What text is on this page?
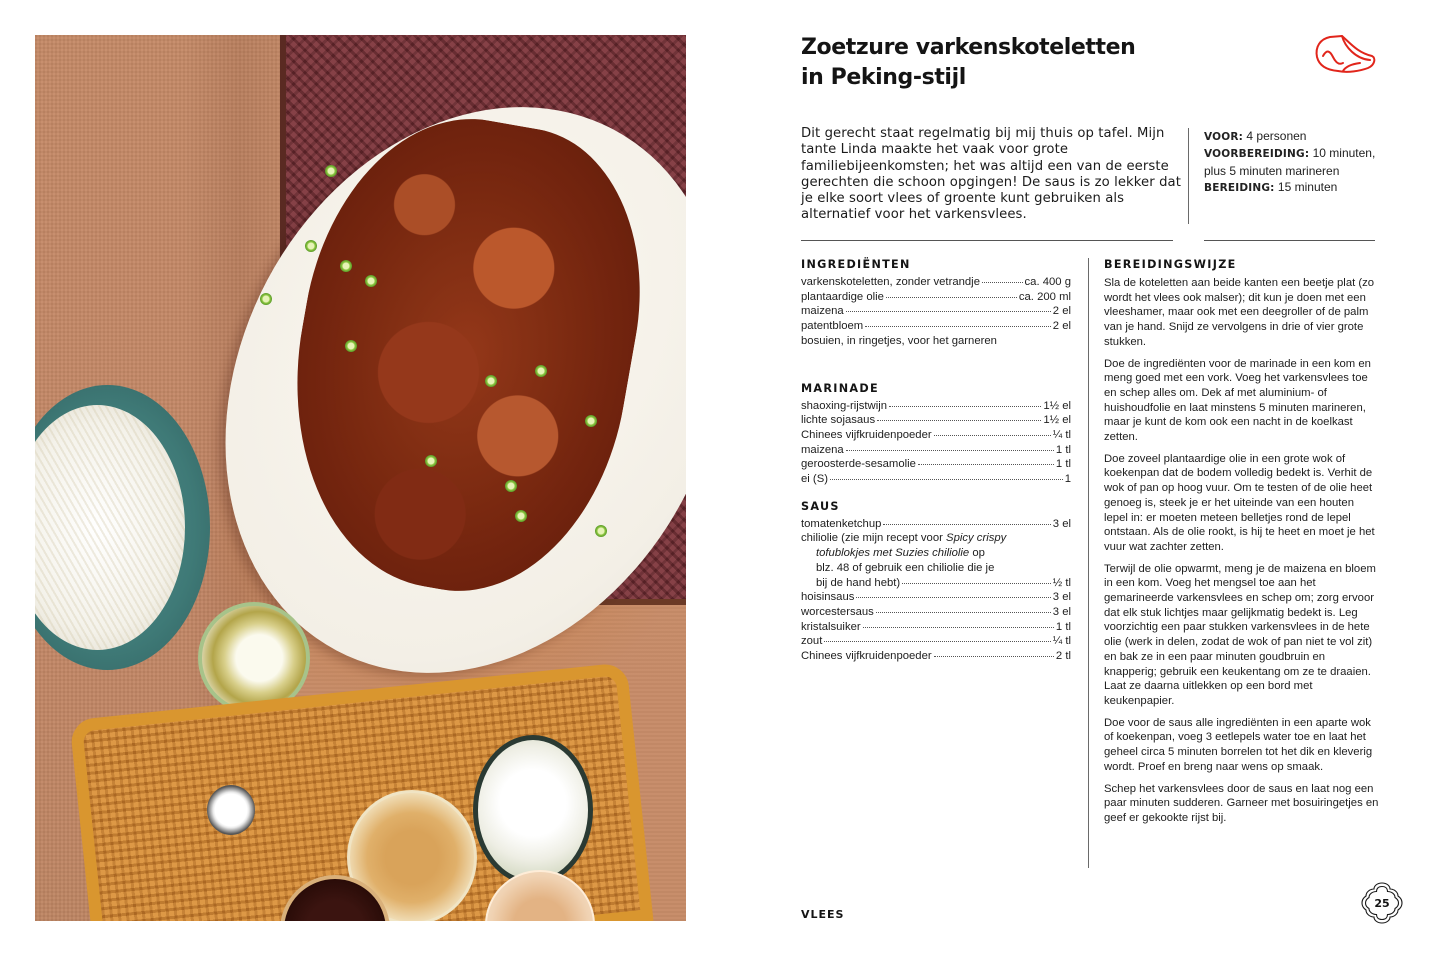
Zoetzure varkenskoteletten
in Peking-stijl

Dit gerecht staat regelmatig bij mij thuis op tafel. Mijn tante Linda maakte het vaak voor grote familiebijeenkomsten; het was altijd een van de eerste gerechten die schoon opgingen! De saus is zo lekker dat je elke soort vlees of groente kunt gebruiken als alternatief voor het varkensvlees.

VOOR: 4 personen
VOORBEREIDING: 10 minuten, plus 5 minuten marineren
BEREIDING: 15 minuten
INGREDIËNTEN
varkenskoteletten, zonder vetrandje	ca. 400 g
plantaardige olie	ca. 200 ml
maizena	2 el
patentbloem	2 el
bosuien, in ringetjes, voor het garneren
MARINADE
shaoxing-rijstwijn	1½ el
lichte sojasaus	1½ el
Chinees vijfkruidenpoeder	¼ tl
maizena	1 tl
geroosterde-sesamolie	1 tl
ei (S)	1
SAUS
tomatenketchup	3 el
chiliolie (zie mijn recept voor Spicy crispy
tofublokjes met Suzies chiliolie op
blz. 48 of gebruik een chiliolie die je
bij de hand hebt)	½ tl
hoisinsaus	3 el
worcestersaus	3 el
kristalsuiker	1 tl
zout	¼ tl
Chinees vijfkruidenpoeder	2 tl
BEREIDINGSWIJZE

Sla de koteletten aan beide kanten een beetje plat (zo wordt het vlees ook malser); dit kun je doen met een vleeshamer, maar ook met een deegroller of de palm van je hand. Snijd ze vervolgens in drie of vier grote stukken.

Doe de ingrediënten voor de marinade in een kom en meng goed met een vork. Voeg het varkensvlees toe en schep alles om. Dek af met aluminium- of huishoudfolie en laat minstens 5 minuten marineren, maar je kunt de kom ook een nacht in de koelkast zetten.

Doe zoveel plantaardige olie in een grote wok of koekenpan dat de bodem volledig bedekt is. Verhit de wok of pan op hoog vuur. Om te testen of de olie heet genoeg is, steek je er het uiteinde van een houten lepel in: er moeten meteen belletjes rond de lepel ontstaan. Als de olie rookt, is hij te heet en moet je het vuur wat zachter zetten.

Terwijl de olie opwarmt, meng je de maizena en bloem in een kom. Voeg het mengsel toe aan het gemarineerde varkensvlees en schep om; zorg ervoor dat elk stuk lichtjes maar gelijkmatig bedekt is. Leg voorzichtig een paar stukken varkensvlees in de hete olie (werk in delen, zodat de wok of pan niet te vol zit) en bak ze in een paar minuten goudbruin en knapperig; gebruik een keukentang om ze te draaien. Laat ze daarna uitlekken op een bord met keukenpapier.

Doe voor de saus alle ingrediënten in een aparte wok of koekenpan, voeg 3 eetlepels water toe en laat het geheel circa 5 minuten borrelen tot het dik en kleverig wordt. Proef en breng naar wens op smaak.

Schep het varkensvlees door de saus en laat nog een paar minuten sudderen. Garneer met bosuiringetjes en geef er gekookte rijst bij.

VLEES
25
